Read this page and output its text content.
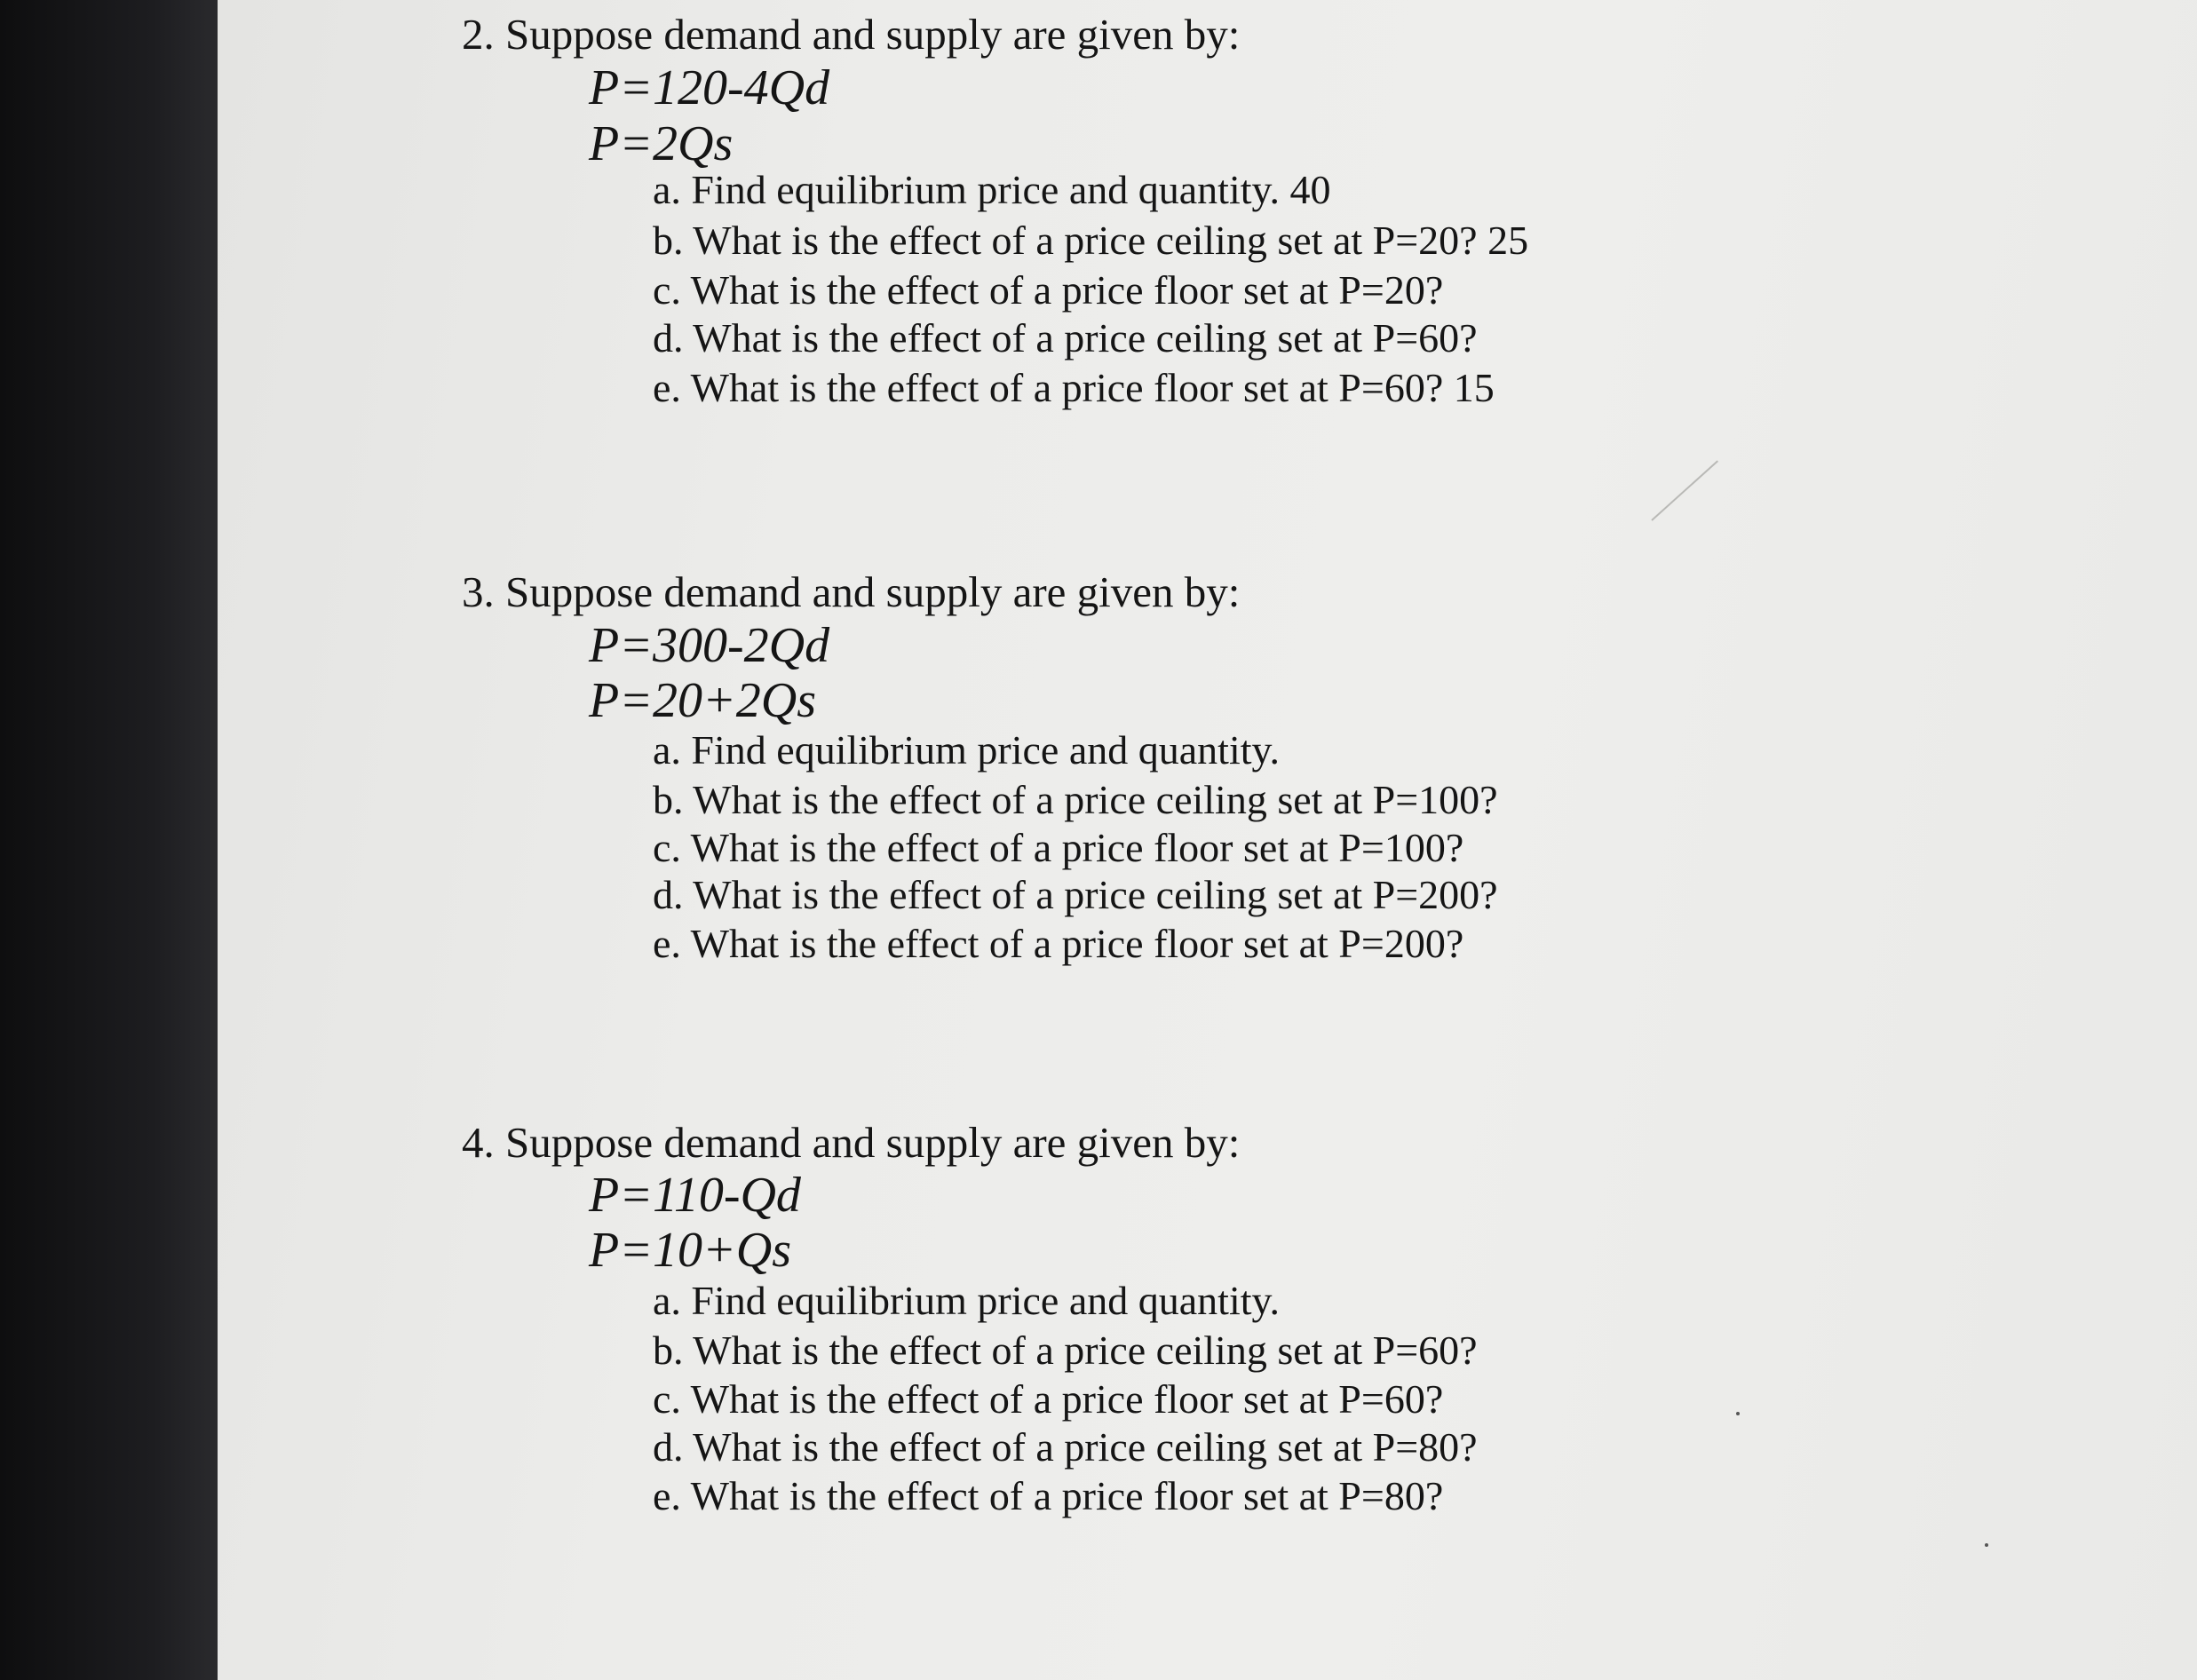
2. Suppose demand and supply are given by:
P=120-4Qd
P=2Qs
a. Find equilibrium price and quantity. 40
b. What is the effect of a price ceiling set at P=20? 25
c. What is the effect of a price floor set at P=20?
d. What is the effect of a price ceiling set at P=60?
e. What is the effect of a price floor set at P=60? 15
3. Suppose demand and supply are given by:
P=300-2Qd
P=20+2Qs
a. Find equilibrium price and quantity.
b. What is the effect of a price ceiling set at P=100?
c. What is the effect of a price floor set at P=100?
d. What is the effect of a price ceiling set at P=200?
e. What is the effect of a price floor set at P=200?
4. Suppose demand and supply are given by:
P=110-Qd
P=10+Qs
a. Find equilibrium price and quantity.
b. What is the effect of a price ceiling set at P=60?
c. What is the effect of a price floor set at P=60?
d. What is the effect of a price ceiling set at P=80?
e. What is the effect of a price floor set at P=80?
